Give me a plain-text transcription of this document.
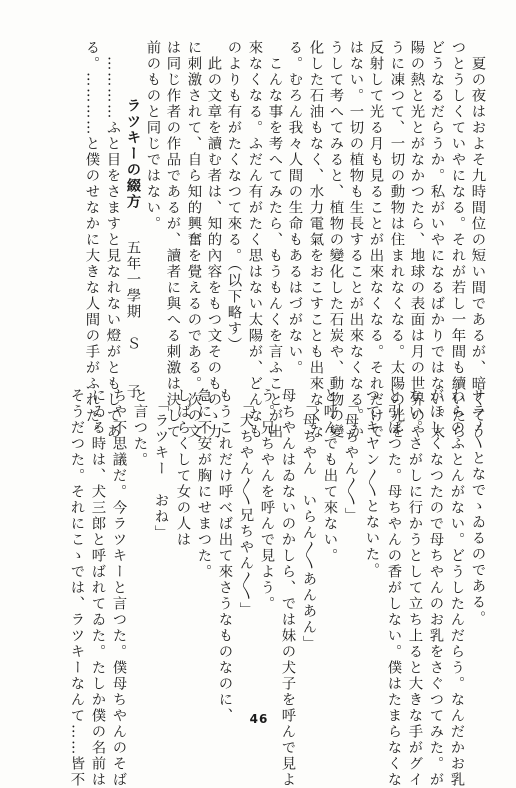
　夏の夜はおよそ九時間位の短い間であるが、暗くてう
つとうしくていやになる。それが若し一年間も續いたら
どうなるだらうか。私がいやになるばかりではない。太
陽の熱と光とがなかつたら、地球の表面は月の世界のや
うに凍つて、一切の動物は住まれなくなる。太陽の光を
反射して光る月も見ることが出來なくなる。それだけで
はない。一切の植物も生長することが出來なくなる。か
うして考へてみると、植物の變化した石炭や、動物の變
化した石油もなく、水力電氣をおこすことも出來なくな
る。むろん我々人間の生命もあるはづがない。
　こんな事を考へてみたら、もうもんくを言ふことが出
來なくなる。ふだん有がたく思はない太陽が、どんなも
のよりも有がたくなつて來る。（以下略す）
　此の文章を讀む者は、知的內容をもつ文そのものゝ力
に刺激されて、自ら知的興奮を覺えるのである。次の文
は同じ作者の作品であるが、讀者に與へる刺激は決して
前のものと同じではない。
ラツキーの綴方
五年一學期　Ｓ　　子
　…………ふと目をさますと見なれない燈がともしてあ
る。…………と僕のせなかに大きな人間の手がふれた。
サラ〳〵となでゝゐるのである。
わらのふとんがない。どうしたんだらう。なんだかお乳
がほしくなつたので母ちやんのお乳をさぐつてみた。が
ない。さがしに行かうとして立ち上ると大きな手がグイ
と引ぱつた。母ちやんの香がしない。僕はたまらなくな
つてキヤン〳〵とないた。
　「母ちやん〳〵」
と呼んでも出て來ない。
　「母ちやん　いらん〳〵あんあん」
母ちやんはゐないのかしら、では妹の犬子を呼んで見よ
う。兄ちやんを呼んで見よう。
　「犬ちやん〳〵兄ちやん〳〵」
もうこれだけ呼べば出て來さうなものなのに、
急に不安が胸にせまつた。
しばらくして女の人は
　「ラツキー　おね」
と言つた。
ちや不思議だ。今ラツキーと言つた。僕母ちやんのそば
にゐる時は、犬三郎と呼ばれてゐた。たしか僕の名前は
そうだつた。それにこゝでは、ラツキーなんて……皆不	46
